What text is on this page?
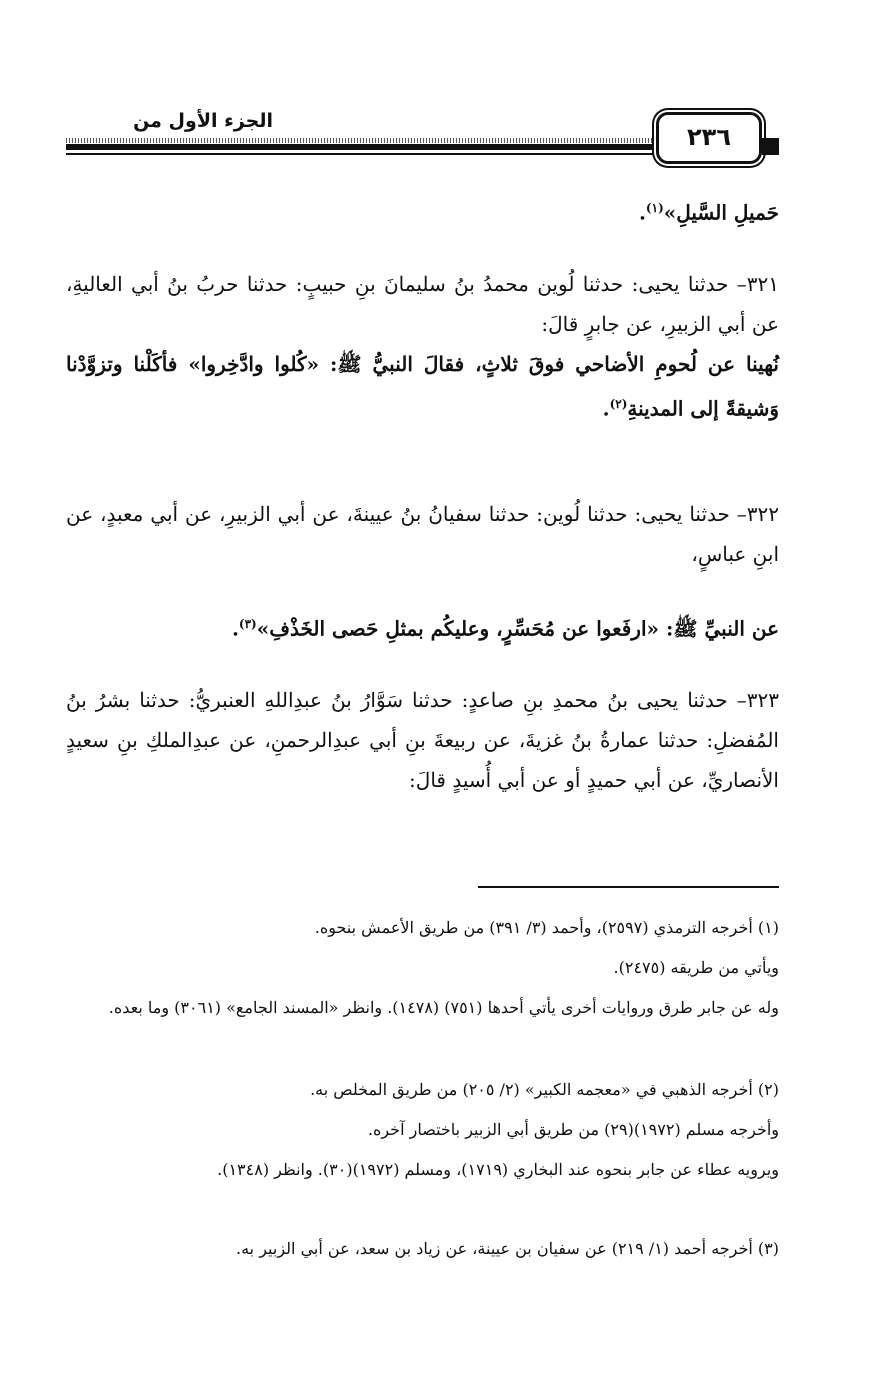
الجزء الأول من
٢٣٦
حَميلِ السَّيلِ»$^{(١)}$.
٣٢١– حدثنا يحيى: حدثنا لُوين محمدُ بنُ سليمانَ بنِ حبيبٍ: حدثنا حربُ بنُ أبي العاليةِ، عن أبي الزبيرِ، عن جابرٍ قالَ:
نُهينا عن لُحومِ الأضاحي فوقَ ثلاثٍ، فقالَ النبيُّ ﷺ: «كُلوا وادَّخِروا» فأكَلْنا وتزوَّدْنا وَشيقةً إلى المدينةِ$^{(٢)}$.
٣٢٢– حدثنا يحيى: حدثنا لُوين: حدثنا سفيانُ بنُ عيينةَ، عن أبي الزبيرِ، عن أبي معبدٍ، عن ابنِ عباسٍ،
عن النبيِّ ﷺ: «ارفَعوا عن مُحَسِّرٍ، وعليكُم بمثلِ حَصى الخَذْفِ»$^{(٣)}$.
٣٢٣– حدثنا يحيى بنُ محمدِ بنِ صاعدٍ: حدثنا سَوَّارُ بنُ عبدِاللهِ العنبريُّ: حدثنا بشرُ بنُ المُفضلِ: حدثنا عمارةُ بنُ غزيةَ، عن ربيعةَ بنِ أبي عبدِالرحمنِ، عن عبدِالملكِ بنِ سعيدٍ الأنصاريِّ، عن أبي حميدٍ أو عن أبي أُسيدٍ قالَ:
(١) أخرجه الترمذي (٢٥٩٧)، وأحمد (٣/ ٣٩١) من طريق الأعمش بنحوه.
ويأتي من طريقه (٢٤٧٥).
وله عن جابر طرق وروايات أخرى يأتي أحدها (٧٥١) (١٤٧٨). وانظر «المسند الجامع» (٣٠٦١) وما بعده.
(٢) أخرجه الذهبي في «معجمه الكبير» (٢/ ٢٠٥) من طريق المخلص به.
وأخرجه مسلم (١٩٧٢)(٢٩) من طريق أبي الزبير باختصار آخره.
ويرويه عطاء عن جابر بنحوه عند البخاري (١٧١٩)، ومسلم (١٩٧٢)(٣٠). وانظر (١٣٤٨).
(٣) أخرجه أحمد (١/ ٢١٩) عن سفيان بن عيينة، عن زياد بن سعد، عن أبي الزبير به.
